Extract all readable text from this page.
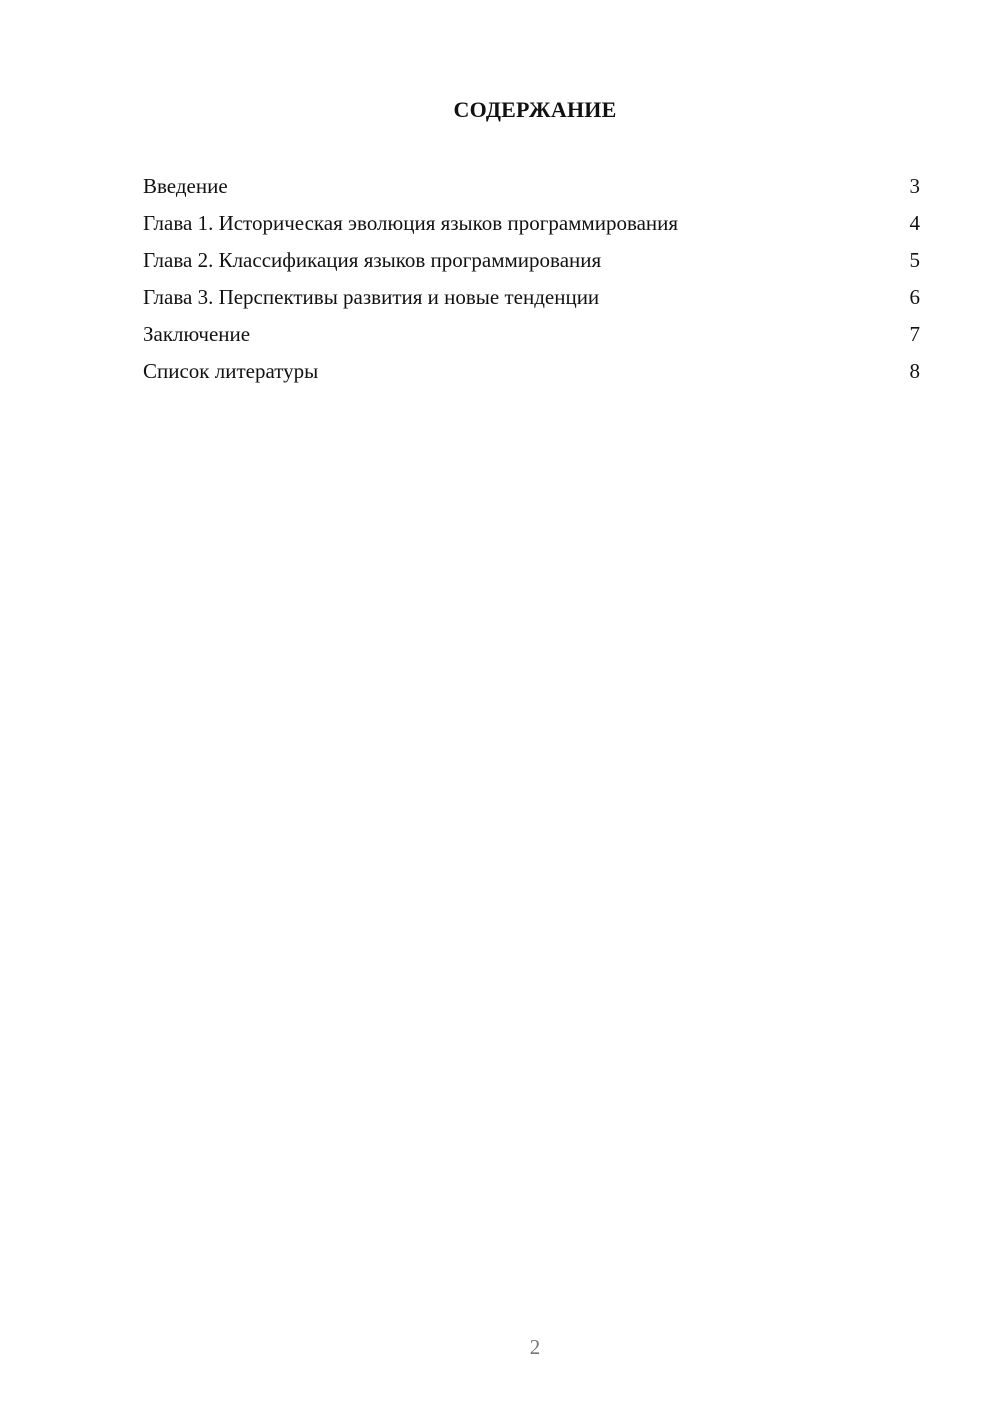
СОДЕРЖАНИЕ
Введение	3
Глава 1. Историческая эволюция языков программирования	4
Глава 2. Классификация языков программирования	5
Глава 3. Перспективы развития и новые тенденции	6
Заключение	7
Список литературы	8
2
